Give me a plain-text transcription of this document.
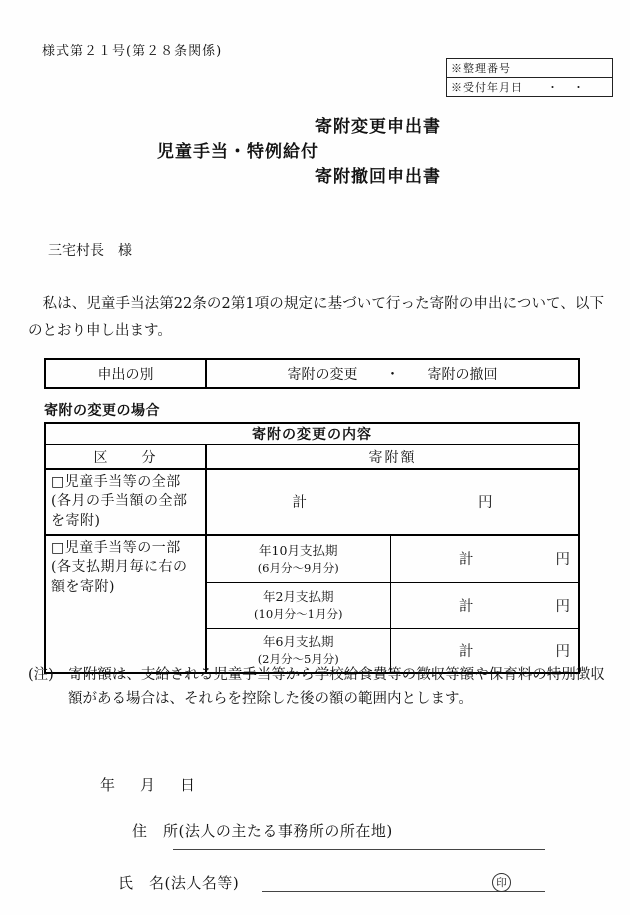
様式第２１号(第２８条関係)
※整理番号
※受付年月日 ・　・
寄附変更申出書
児童手当・特例給付
寄附撤回申出書
三宅村長　様
　私は、児童手当法第22条の2第1項の規定に基づいて行った寄附の申出について、以下のとおり申し出ます。
申出の別	寄附の変更　　・　　寄附の撤回
寄附の変更の場合
寄附の変更の内容		
区　　分	寄附額	
□児童手当等の全部(各月の手当額の全部を寄附)	計 円	

□児童手当等の一部(各支払期月毎に右の額を寄附)	
年10月支払期
(6月分～9月分)	計	円

年2月支払期
(10月分～1月分)	計	円

年6月支払期
(2月分～5月分)	計	円
(注)　寄附額は、支給される児童手当等から学校給食費等の徴収等額や保育料の特別徴収額がある場合は、それらを控除した後の額の範囲内とします。
年　月　日
住　所(法人の主たる事務所の所在地)
氏　名(法人名等)	印
